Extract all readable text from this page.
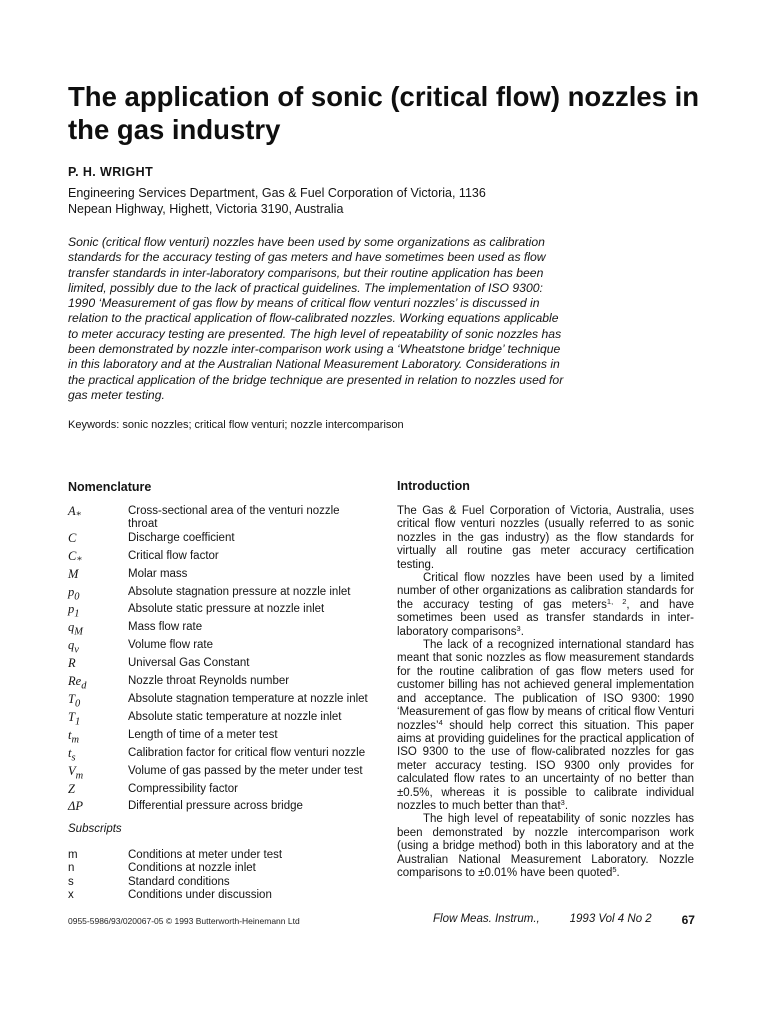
The application of sonic (critical flow) nozzles in the gas industry
P. H. WRIGHT
Engineering Services Department, Gas & Fuel Corporation of Victoria, 1136
Nepean Highway, Highett, Victoria 3190, Australia

Sonic (critical flow venturi) nozzles have been used by some organizations as calibration standards for the accuracy testing of gas meters and have sometimes been used as flow transfer standards in inter-laboratory comparisons, but their routine application has been limited, possibly due to the lack of practical guidelines. The implementation of ISO 9300: 1990 ‘Measurement of gas flow by means of critical flow venturi nozzles’ is discussed in relation to the practical application of flow-calibrated nozzles. Working equations applicable to meter accuracy testing are presented. The high level of repeatability of sonic nozzles has been demonstrated by nozzle inter-comparison work using a ‘Wheatstone bridge’ technique in this laboratory and at the Australian National Measurement Laboratory. Considerations in the practical application of the bridge technique are presented in relation to nozzles used for gas meter testing.

Keywords: sonic nozzles; critical flow venturi; nozzle intercomparison
Nomenclature
$A_*$	Cross-sectional area of the venturi nozzle throat
C	Discharge coefficient
$C_*$	Critical flow factor
M	Molar mass
$p_0$	Absolute stagnation pressure at nozzle inlet
$p_1$	Absolute static pressure at nozzle inlet
$q_M$	Mass flow rate
$q_v$	Volume flow rate
R	Universal Gas Constant
$Re_d$	Nozzle throat Reynolds number
$T_0$	Absolute stagnation temperature at nozzle inlet
$T_1$	Absolute static temperature at nozzle inlet
$t_m$	Length of time of a meter test
$t_s$	Calibration factor for critical flow venturi nozzle
$V_m$	Volume of gas passed by the meter under test
Z	Compressibility factor
ΔP	Differential pressure across bridge
Subscripts
m	Conditions at meter under test
n	Conditions at nozzle inlet
s	Standard conditions
x	Conditions under discussion
Introduction

The Gas & Fuel Corporation of Victoria, Australia, uses critical flow venturi nozzles (usually referred to as sonic nozzles in the gas industry) as the flow standards for virtually all routine gas meter accuracy certification testing.

Critical flow nozzles have been used by a limited number of other organizations as calibration standards for the accuracy testing of gas meters$^{1, 2}$, and have sometimes been used as transfer standards in inter-laboratory comparisons$^3$.

The lack of a recognized international standard has meant that sonic nozzles as flow measurement standards for the routine calibration of gas flow meters used for customer billing has not achieved general implementation and acceptance. The publication of ISO 9300: 1990 ‘Measurement of gas flow by means of critical flow Venturi nozzles’$^4$ should help correct this situation. This paper aims at providing guidelines for the practical application of ISO 9300 to the use of flow-calibrated nozzles for gas meter accuracy testing. ISO 9300 only provides for calculated flow rates to an uncertainty of no better than ±0.5%, whereas it is possible to calibrate individual nozzles to much better than that$^3$.

The high level of repeatability of sonic nozzles has been demonstrated by nozzle intercomparison work (using a bridge method) both in this laboratory and at the Australian National Measurement Laboratory. Nozzle comparisons to ±0.01% have been quoted$^5$.

0955-5986/93/020067-05 © 1993 Butterworth-Heinemann Ltd	Flow Meas. Instrum.,	1993 Vol 4 No 2 67
